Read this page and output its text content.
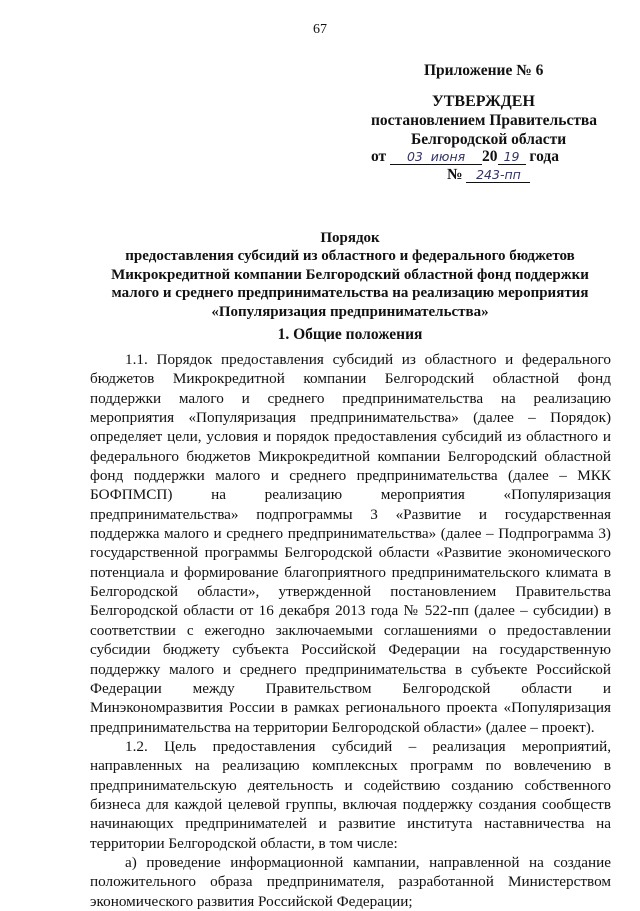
67
Приложение № 6
УТВЕРЖДЕН
постановлением Правительства
Белгородской области
от 03 июня 20 19 года
№ 243-пп
Порядок
предоставления субсидий из областного и федерального бюджетов
Микрокредитной компании Белгородский областной фонд поддержки
малого и среднего предпринимательства на реализацию мероприятия
«Популяризация предпринимательства»
1. Общие положения

1.1. Порядок предоставления субсидий из областного и федерального бюджетов Микрокредитной компании Белгородский областной фонд поддержки малого и среднего предпринимательства на реализацию мероприятия «Популяризация предпринимательства» (далее – Порядок) определяет цели, условия и порядок предоставления субсидий из областного и федерального бюджетов Микрокредитной компании Белгородский областной фонд поддержки малого и среднего предпринимательства (далее – МКК БОФПМСП) на реализацию мероприятия «Популяризация предпринимательства» подпрограммы 3 «Развитие и государственная поддержка малого и среднего предпринимательства» (далее – Подпрограмма 3) государственной программы Белгородской области «Развитие экономического потенциала и формирование благоприятного предпринимательского климата в Белгородской области», утвержденной постановлением Правительства Белгородской области от 16 декабря 2013 года № 522-пп (далее – субсидии) в соответствии с ежегодно заключаемыми соглашениями о предоставлении субсидии бюджету субъекта Российской Федерации на государственную поддержку малого и среднего предпринимательства в субъекте Российской Федерации между Правительством Белгородской области и Минэкономразвития России в рамках регионального проекта «Популяризация предпринимательства на территории Белгородской области» (далее – проект).

1.2. Цель предоставления субсидий – реализация мероприятий, направленных на реализацию комплексных программ по вовлечению в предпринимательскую деятельность и содействию созданию собственного бизнеса для каждой целевой группы, включая поддержку создания сообществ начинающих предпринимателей и развитие института наставничества на территории Белгородской области, в том числе:

а) проведение информационной кампании, направленной на создание положительного образа предпринимателя, разработанной Министерством экономического развития Российской Федерации;
